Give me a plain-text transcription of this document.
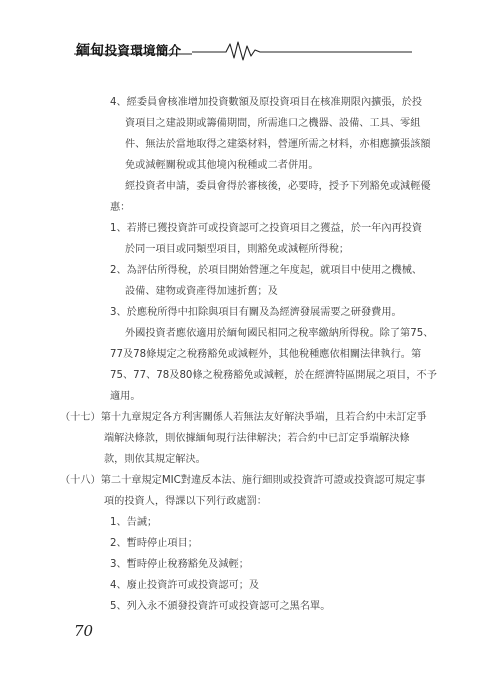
緬甸投資環境簡介
4、經委員會核准增加投資數額及原投資項目在核准期限內擴張，於投
資項目之建設期或籌備期間，所需進口之機器、設備、工具、零組
件、無法於當地取得之建築材料，營運所需之材料，亦相應擴張該額
免或減輕關稅或其他境內稅種或二者併用。
經投資者申請，委員會得於審核後，必要時，授予下列豁免或減輕優
惠：
1、若將已獲投資許可或投資認可之投資項目之獲益，於一年內再投資
於同一項目或同類型項目，則豁免或減輕所得稅；
2、為評估所得稅，於項目開始營運之年度起，就項目中使用之機械、
設備、建物或資產得加速折舊；及
3、於應稅所得中扣除與項目有關及為經濟發展需要之研發費用。
外國投資者應依適用於緬甸國民相同之稅率繳納所得稅。除了第75、
77及78條規定之稅務豁免或減輕外，其他稅種應依相關法律執行。第
75、77、78及80條之稅務豁免或減輕，於在經濟特區開展之項目，不予
適用。
（十七）第十九章規定各方利害關係人若無法友好解決爭端，且若合約中未訂定爭
端解決條款，則依據緬甸現行法律解決；若合約中已訂定爭端解決條
款，則依其規定解決。
（十八）第二十章規定MIC對違反本法、施行細則或投資許可證或投資認可規定事
項的投資人，得課以下列行政處罰：
1、告誡；
2、暫時停止項目；
3、暫時停止稅務豁免及減輕；
4、廢止投資許可或投資認可；及
5、列入永不頒發投資許可或投資認可之黑名單。
70
